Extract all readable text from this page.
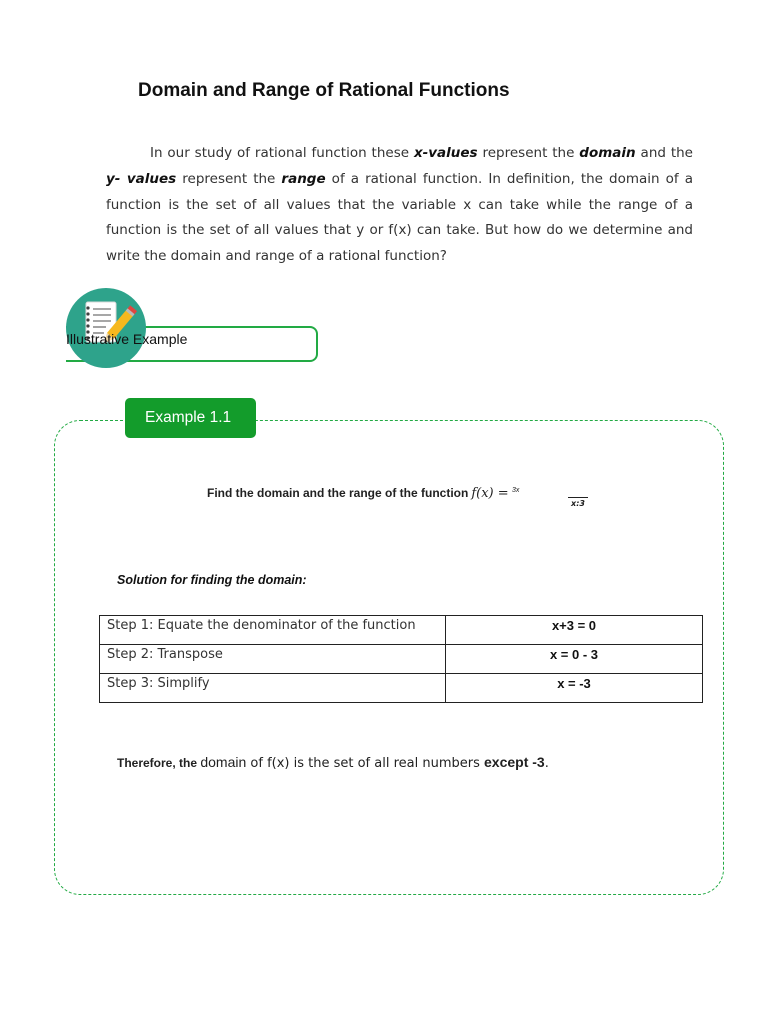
Domain and Range of Rational Functions
In our study of rational function these x-values represent the domain and the y- values represent the range of a rational function. In definition, the domain of a function is the set of all values that the variable x can take while the range of a function is the set of all values that y or f(x) can take. But how do we determine and write the domain and range of a rational function?
Illustrative Example
Example 1.1
Find the domain and the range of the function f(x) = $^{3x}$
x:3
Solution for finding the domain:
Step 1: Equate the denominator of the function	x+3 = 0
Step 2: Transpose	x = 0 - 3
Step 3: Simplify	x = -3
Therefore, the domain of f(x) is the set of all real numbers except -3.
